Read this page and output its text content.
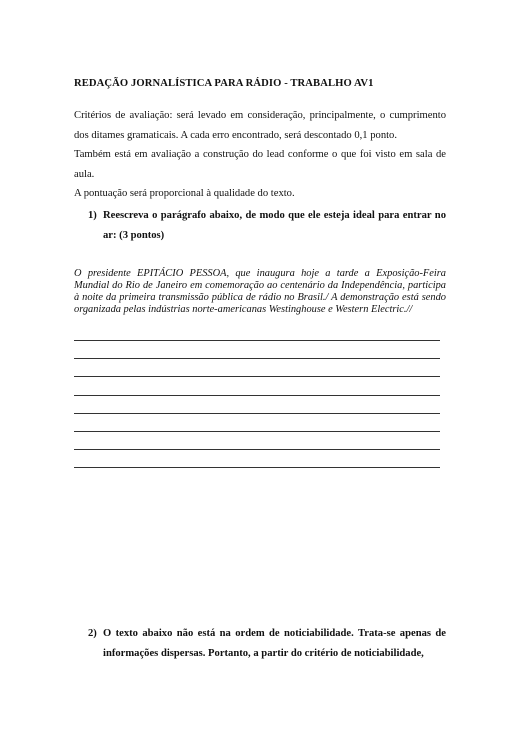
REDAÇÃO JORNALÍSTICA PARA RÁDIO - TRABALHO AV1

Critérios de avaliação: será levado em consideração, principalmente, o cumprimento dos ditames gramaticais. A cada erro encontrado, será descontado 0,1 ponto.

Também está em avaliação a construção do lead conforme o que foi visto em sala de aula.

A pontuação será proporcional à qualidade do texto.

1) Reescreva o parágrafo abaixo, de modo que ele esteja ideal para entrar no ar: (3 pontos)
O presidente EPITÁCIO PESSOA, que inaugura hoje a tarde a Exposição-Feira Mundial do Rio de Janeiro em comemoração ao centenário da Independência, participa à noite da primeira transmissão pública de rádio no Brasil./ A demonstração está sendo organizada pelas indústrias norte-americanas Westinghouse e Western Electric.//
2) O texto abaixo não está na ordem de noticiabilidade. Trata-se apenas de informações dispersas. Portanto, a partir do critério de noticiabilidade,
